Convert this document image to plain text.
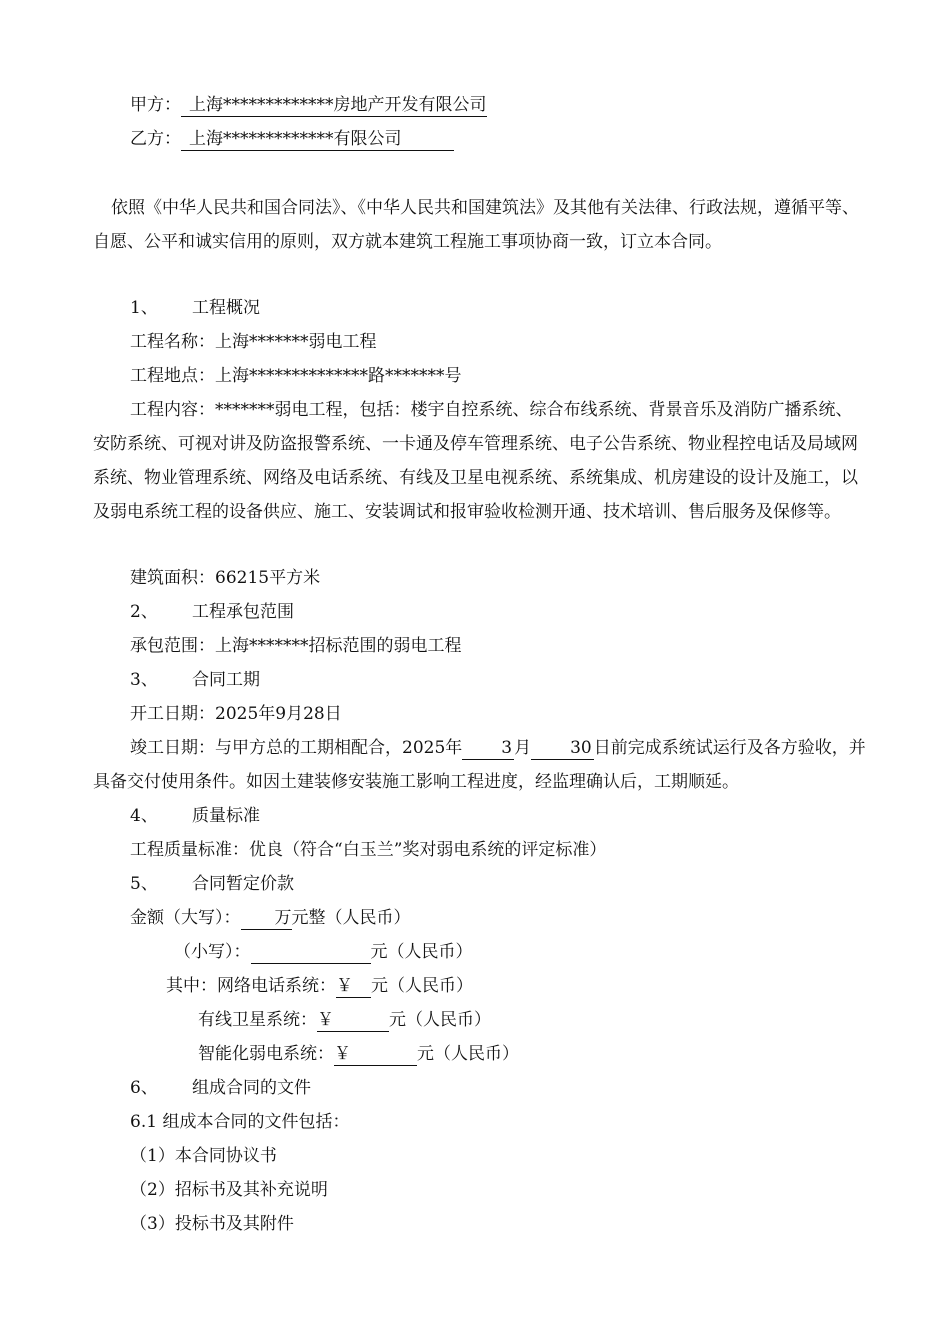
甲方： 上海*************房地产开发有限公司
乙方： 上海*************有限公司
依照《中华人民共和国合同法》、《中华人民共和国建筑法》及其他有关法律、行政法规，遵循平等、自愿、公平和诚实信用的原则，双方就本建筑工程施工事项协商一致，订立本合同。
1、 工程概况
工程名称：上海*******弱电工程
工程地点：上海**************路*******号
工程内容：*******弱电工程，包括：楼宇自控系统、综合布线系统、背景音乐及消防广播系统、安防系统、可视对讲及防盗报警系统、一卡通及停车管理系统、电子公告系统、物业程控电话及局域网系统、物业管理系统、网络及电话系统、有线及卫星电视系统、系统集成、机房建设的设计及施工，以及弱电系统工程的设备供应、施工、安装调试和报审验收检测开通、技术培训、售后服务及保修等。
建筑面积：66215平方米
2、 工程承包范围
承包范围：上海*******招标范围的弱电工程
3、 合同工期
开工日期：2025年9月28日
竣工日期：与甲方总的工期相配合，2025年 3 月 30 日前完成系统试运行及各方验收，并具备交付使用条件。如因土建装修安装施工影响工程进度，经监理确认后，工期顺延。
4、 质量标准
工程质量标准：优良（符合“白玉兰”奖对弱电系统的评定标准）
5、 合同暂定价款
金额（大写）： 万元整（人民币）
（小写）：	元（人民币）
其中：网络电话系统：￥ 元（人民币）
有线卫星系统：￥	元（人民币）
智能化弱电系统：￥	元（人民币）
6、 组成合同的文件
6.1 组成本合同的文件包括：
（1）本合同协议书
（2）招标书及其补充说明
（3）投标书及其附件
